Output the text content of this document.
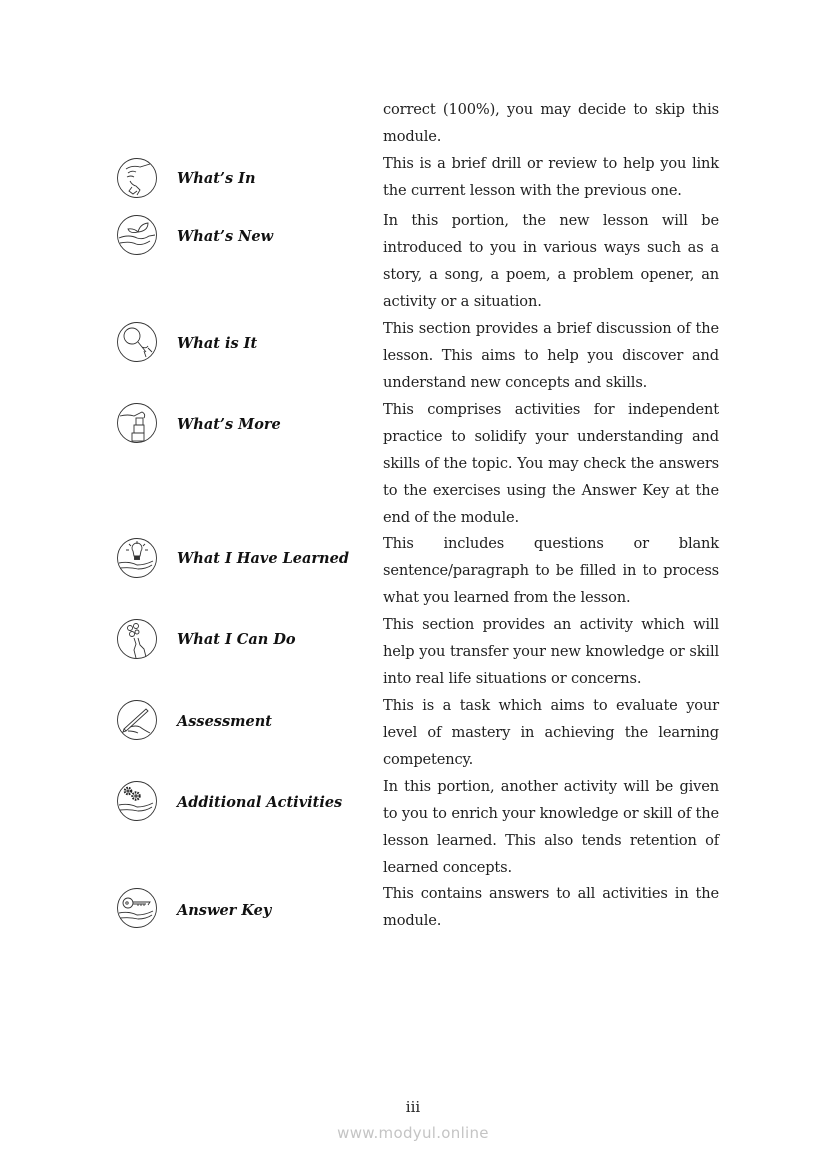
correct (100%), you may decide to skip this module.
What’s In
This is a brief drill or review to help you link the current lesson with the previous one.
What’s New
In this portion, the new lesson will be introduced to you in various ways such as a story, a song, a poem, a problem opener, an activity or a situation.
What is It
This section provides a brief discussion of the lesson. This aims to help you discover and understand new concepts and skills.
What’s More
This comprises activities for independent practice to solidify your understanding and skills of the topic. You may check the answers to the exercises using the Answer Key at the end of the module.
What I Have Learned
This includes questions or blank sentence/paragraph to be filled in to process what you learned from the lesson.
What I Can Do
This section provides an activity which will help you transfer your new knowledge or skill into real life situations or concerns.
Assessment
This is a task which aims to evaluate your level of mastery in achieving the learning competency.
Additional Activities
In this portion, another activity will be given to you to enrich your knowledge or skill of the lesson learned. This also tends retention of learned concepts.
Answer Key
This contains answers to all activities in the module.
iii
www.modyul.online
